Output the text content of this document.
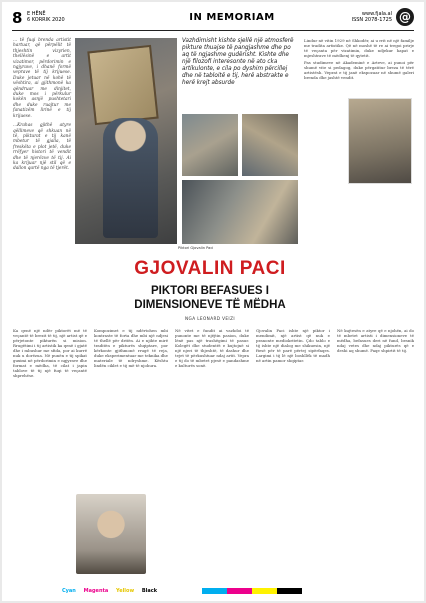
8 E HËNË
6 KORRIK 2020	IN MEMORIAM	www.fjala.al
ISSN 2078-1725 @

... të fuqi brenda artistit hartuar, që përpëlit të thjeshtin vizyrien, thellësinë e artit vizatimor, përdorimin e ngjyrave, i dhanë formë veprave të tij krijuese. Duke jetuar në kohë të vështira, ai gjithmonë ka qëndruar me dinjitet, duke mos i përkulur kokën asnjë pushtetari dhe duke ruajtur me fanatizëm lirinë e tij krijuese.

...Krahas gjithë atyre qëllimeve që shkuan në të, pikturat e tij kanë mbetur të gjalla, të freskëta e plot jetë, duke rrëfyer histori të vendit dhe të njerëzve të tij. Ai ka krijuar një stil që e dallon qartë nga të tjerët.

Vazhdimisht kishte sjellë një atmosferë pikture thuajse të pangjashme dhe po aq të ngjashme gudërisht. Kishte dhe një filozofi interesonte në ato cka artikulonte, e cila po dyshim përcillej dhe në tabloitë e tij, herë abstrakte e herë krejt absurde
Piktori Gjovalin Paci

Lindur në vitin 1929 në Shkodër, ai u rrit në një familje me tradita artistike. Që në moshë të re ai tregoi prirje të veçanta për vizatimin, duke ndjekur hapat e mjeshtrave të mëdhenj të qytetit.

Pas studimeve në Akademinë e Arteve, ai punoi për shumë vite si pedagog, duke përgatitur breza të tërë artistësh. Veprat e tij janë ekspozuar në shumë galeri brenda dhe jashtë vendit.

GJOVALIN PACI
PIKTORI BEFASUES I DIMENSIONEVE TË MËDHA
NGA LEONARD VEIZI

Ka qenë një ndër piktorët më të veçantë të brezit të tij, një artist që e përjetonte pikturën si mision. Rrugëtimi i tij artistik ka qenë i gjatë dhe i mbushur me sfida, por ai kurrë nuk u dorëzua. Në punën e tij spikat guximi në përdorimin e ngjyrave dhe format e mëdha, të cilat i japin tablove të tij një fuqi të veçantë shprehëse.

Kompozimet e tij ndërtohen mbi kontraste të forta dhe mbi një ndjesi të thellë për dritën. Ai e njihte mirë traditën e pikturës shqiptare, por kërkonte gjithmonë rrugë të reja, duke eksperimentuar me teknika dhe materiale të ndryshme. Kështu lindën ciklet e tij më të njohura.

Në vitet e fundit ai vazhdoi të punonte me të njëjtin pasion, duke lënë pas një trashëgimi të pasur. Kolegët dhe studentët e kujtojnë si një njeri të thjeshtë, të dashur dhe tejet të përkushtuar ndaj artit. Vepra e tij do të mbetet pjesë e pandashme e kulturës sonë.

Gjovalin Paci ishte një piktor i mendimit, një artist që nuk e pranonte mediokritetin. Çdo tablo e tij ishte një dialog me shikuesin, një ftesë për të parë përtej sipërfaqes. Largimi i tij lë një boshllëk të madh në artin pamor shqiptar.

Në kujtesën e atyre që e njohën, ai do të mbetet artisti i dimensioneve të mëdha, befasues deri në fund, besnik ndaj vetes dhe ndaj pikturës që e deshi aq shumë. Paqe shpirtit të tij.

Cyan Magenta Yellow Black
